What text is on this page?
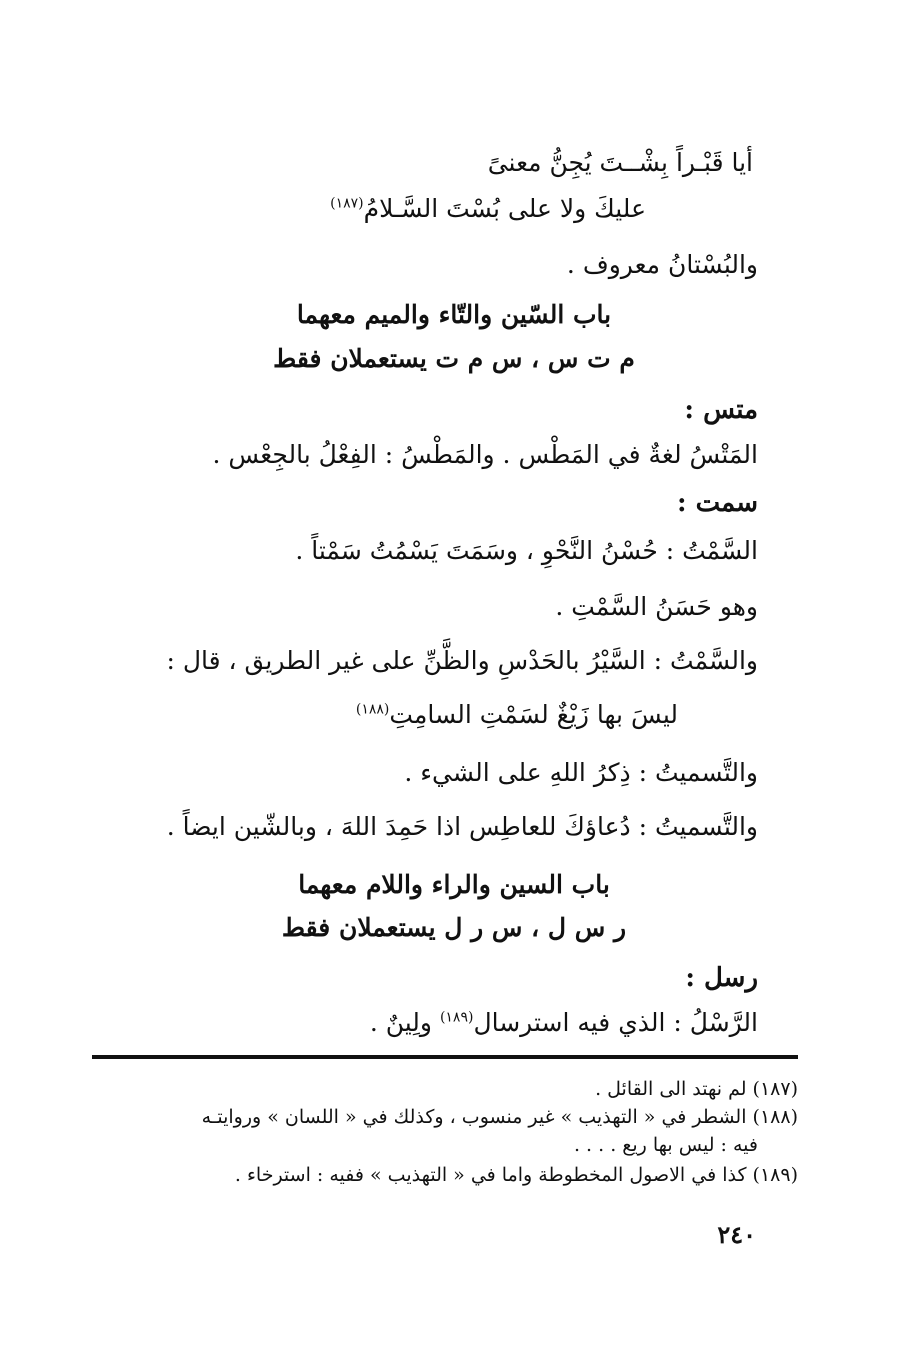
أيا قَبْـراً بِشْــتَ يُجِنُّ معنىً
عليكَ ولا على بُسْتَ السَّـلامُ$^{(١٨٧)}$
والبُسْتانُ معروف .
باب السّين والتّاء والميم معهما
م ت س ، س م ت يستعملان فقط
متس :
المَتْسُ لغةٌ في المَطْس . والمَطْسُ : الفِعْلُ بالجِعْس .
سمت :
السَّمْتُ : حُسْنُ النَّحْوِ ، وسَمَتَ يَسْمُتُ سَمْتاً .
وهو حَسَنُ السَّمْتِ .
والسَّمْتُ : السَّيْرُ بالحَدْسِ والظَّنِّ على غير الطريق ، قال :
ليسَ بها زَيْغٌ لسَمْتِ السامِتِ$^{(١٨٨)}$
والتَّسميتُ : ذِكرُ اللهِ على الشيء .
والتَّسميتُ : دُعاؤكَ للعاطِس اذا حَمِدَ اللهَ ، وبالشّين ايضاً .
باب السين والراء واللام معهما
ر س ل ، س ر ل يستعملان فقط
رسل :
الرَّسْلُ : الذي فيه استرسال$^{(١٨٩)}$ ولِينٌ .
(١٨٧) لم نهتد الى القائل .
(١٨٨) الشطر في « التهذيب » غير منسوب ، وكذلك في « اللسان » وروايتـه
فيه : ليس بها ريع . . . .
(١٨٩) كذا في الاصول المخطوطة واما في « التهذيب » ففيه : استرخاء .
٢٤٠
